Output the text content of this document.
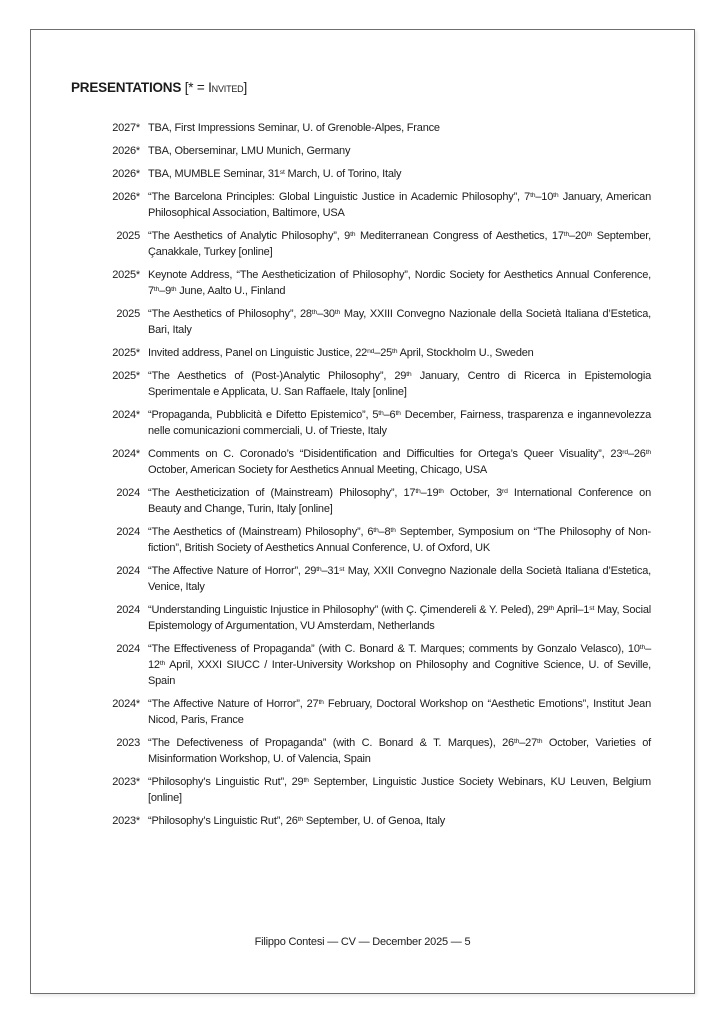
PRESENTATIONS [* = Invited]
2027* TBA, First Impressions Seminar, U. of Grenoble-Alpes, France
2026* TBA, Oberseminar, LMU Munich, Germany
2026* TBA, MUMBLE Seminar, 31st March, U. of Torino, Italy
2026* “The Barcelona Principles: Global Linguistic Justice in Academic Philosophy”, 7th–10th January, American Philosophical Association, Baltimore, USA
2025 “The Aesthetics of Analytic Philosophy”, 9th Mediterranean Congress of Aesthetics, 17th–20th September, Çanakkale, Turkey [online]
2025* Keynote Address, “The Aestheticization of Philosophy”, Nordic Society for Aesthetics Annual Conference, 7th–9th June, Aalto U., Finland
2025 “The Aesthetics of Philosophy”, 28th–30th May, XXIII Convegno Nazionale della Società Italiana d’Estetica, Bari, Italy
2025* Invited address, Panel on Linguistic Justice, 22nd–25th April, Stockholm U., Sweden
2025* “The Aesthetics of (Post-)Analytic Philosophy”, 29th January, Centro di Ricerca in Epistemologia Sperimentale e Applicata, U. San Raffaele, Italy [online]
2024* “Propaganda, Pubblicità e Difetto Epistemico”, 5th–6th December, Fairness, trasparenza e ingannevolezza nelle comunicazioni commerciali, U. of Trieste, Italy
2024* Comments on C. Coronado’s “Disidentification and Difficulties for Ortega’s Queer Visuality”, 23rd–26th October, American Society for Aesthetics Annual Meeting, Chicago, USA
2024 “The Aestheticization of (Mainstream) Philosophy”, 17th–19th October, 3rd International Conference on Beauty and Change, Turin, Italy [online]
2024 “The Aesthetics of (Mainstream) Philosophy”, 6th–8th September, Symposium on “The Philosophy of Non-fiction”, British Society of Aesthetics Annual Conference, U. of Oxford, UK
2024 “The Affective Nature of Horror”, 29th–31st May, XXII Convegno Nazionale della Società Italiana d’Estetica, Venice, Italy
2024 “Understanding Linguistic Injustice in Philosophy” (with Ç. Çimendereli & Y. Peled), 29th April–1st May, Social Epistemology of Argumentation, VU Amsterdam, Netherlands
2024 “The Effectiveness of Propaganda” (with C. Bonard & T. Marques; comments by Gonzalo Velasco), 10th–12th April, XXXI SIUCC / Inter-University Workshop on Philosophy and Cognitive Science, U. of Seville, Spain
2024* “The Affective Nature of Horror”, 27th February, Doctoral Workshop on “Aesthetic Emotions”, Institut Jean Nicod, Paris, France
2023 “The Defectiveness of Propaganda” (with C. Bonard & T. Marques), 26th–27th October, Varieties of Misinformation Workshop, U. of Valencia, Spain
2023* “Philosophy’s Linguistic Rut”, 29th September, Linguistic Justice Society Webinars, KU Leuven, Belgium [online]
2023* “Philosophy’s Linguistic Rut”, 26th September, U. of Genoa, Italy
Filippo Contesi — CV — December 2025 — 5
